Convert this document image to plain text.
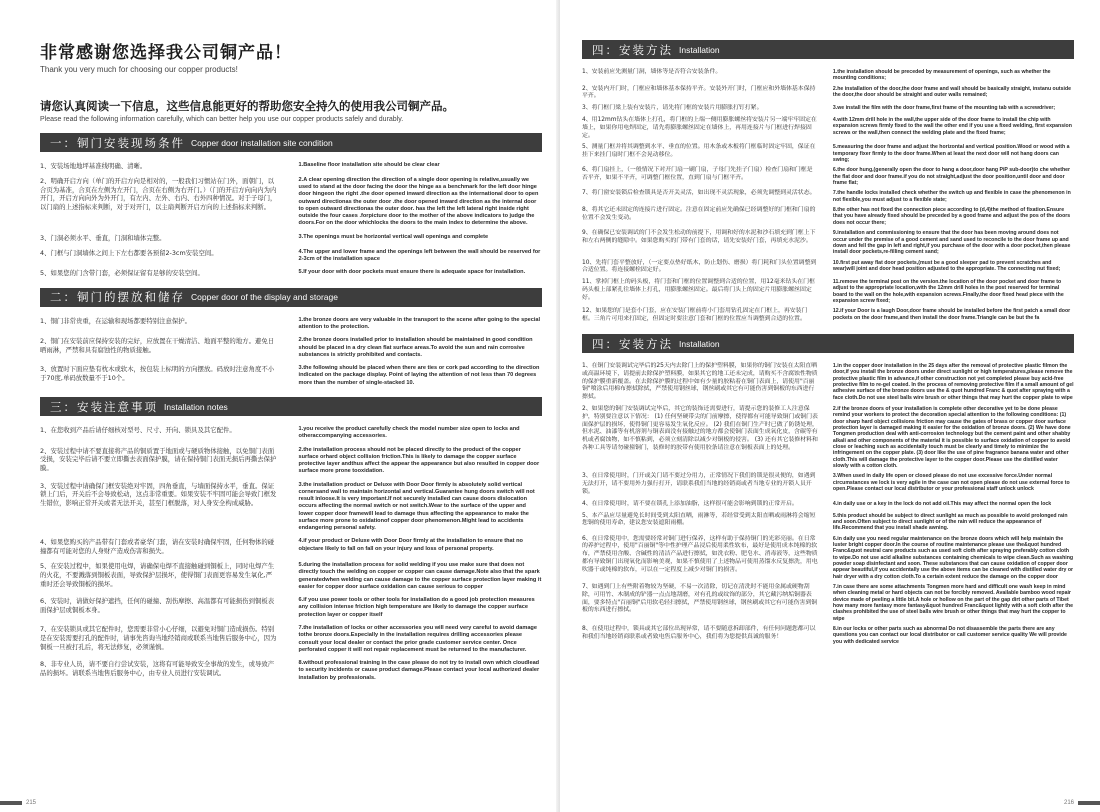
非常感谢您选择我公司铜产品！
Thank you very much for choosing our copper products!
请您认真阅读一下信息，这些信息能更好的帮助您安全持久的使用我公司铜产品。
Please read the following information carefully, which can better help you use our copper products safely and durably.
一：铜门安装现场条件 Copper door installation site condition
1、安装场地地坪基准线明确、清晰。	1.Baseline floor installation site should be clear clear
2、明确开启方向（单门的开启方向是相对的，一般我们习惯站在门外，面朝门，以合页为基准，合页在左侧为左开门，合页在右侧为右开门。）（门的开启方向向内为内开门，开启方向向外为外开门，有左内、左外、右内、右外四种情况。对于子母门，以门扇的上述指标来判断，对于对开门，以主扇判断开启方向的上述指标来判断。
2.A clear opening direction the direction of a single door opening is relative,usually we used to stand at the door facing the door the hinge as a benchmark for the left door hinge door hingeon the right .the door opened inward direction as the international door to open outward directionas the outer door .the door opened inward direction as the internal door to open outward directionas the outer door. has the left the left lateral right inside right outside the four cases .forpicture door to the mother of the above indicators to judge the doors.For on the door whichlocks the doors to the main index to determine the above.
3、门洞必须水平、垂直，门洞和墙体完整。	3.The openings must be horizontal vertical wall openings and complete
4、门框与门洞墙体之间上下左右都要各预留2-3cm安装空间。	4.The upper and lower frame and the openings left between the wall should be reserved for 2-3cm of the installation space
5、如果您的门含带门套，必须保证留有足够的安装空间。	5.If your door with door pockets must ensure there is adequate space for installation.
二：铜门的摆放和储存 Copper door of the display and storage
1、铜门非常贵重，在运输和现场都要特别注意保护。	1.the bronze doors are very valuable in the transport to the scene after going to the special attention to the protection.
2、铜门在安装前应保持安装的完好，应放置在干燥清洁、地面平整的地方。避免日晒雨淋，严禁和具有腐蚀性的物质接触。
2.the bronze doors installed prior to installation should be maintained in good condition should be placed in a dry clean flat surface areas.To avoid the sun and rain corrosive substances is strictly prohibited and contacts.
3、放置时下面应垫有枕木或软木，按包装上标明的方向摆放。码放时注意角度不小于70度,单码放数量不于10个。
3.the following should be placed when there are ties or cork pad according to the direction indicated on the package display. Point of laying the attention of not less than 70 degrees more than the number of single-stacked 10.
三：安装注意事项 Installation notes
1、在您收到产品后请仔细核对型号、尺寸、开向、锁具及其它配件。	1.you receive the product carefully check the model number size open to locks and otheraccompanying accessories.
2、安装过程中请不要直接将产品的铜质置于地面或与硬质物体接触，以免铜门表面受损，安装完毕后请不要立即撕去表面保护膜，请在保持铜门表面无损后再撕去保护膜。
2.the installation process should not be placed directly to the product of the copper surface orhard object collision friction.This is likely to damage the copper surface protective layer andthus affect the appear the appearance but also resulted in copper door surface more prone tooxidation.
3、安装过程中请确保门框安装绝对牢固，四角垂直，与墙面保持水平，垂直。保证锁上门后，开关后不会导致松动，这点非常重要。如果安装不牢固可能会导致门框发生错位，影响正常开关或者无法开关，甚至门框脱落，对人身安全构成威胁。
3.the installation product or Deluxe with Door Door firmly is absolutely solid vertical cornersand wall to maintain horizontal and vertical.Guarantee hung doors switch will not result inloose.It is very important.If not securely installed can cause doors dislocation occurs affecting the normal switch or not switch.Wear to the surface of the upper and lower copper door framewill lead to damage thus affecting the appearance to make the surface more prone to oxidationof copper door phenomenon.Might lead to accidents endangering personal safety.
4、如果您购买的产品带有门套或者豪华门套，请在安装时确保牢固，任何物体的碰撞都有可能对您的人身财产造成伤害和损失。
4.if your product or Deluxe with Door Door firmly at the installation to ensure that no objectare likely to fall on fall on your injury and loss of personal property.
5、在安装过程中，如果使用电焊，请确保电焊不直接触碰到铜板上，同时电焊产生的火花，不要溅落到铜板表面，导致保护层损坏，使得铜门表面更容易发生氧化,严重时还会导致铜板的损坏。
5.during the installation process for solid welding if you use make sure that does not directly touch the welding on copper or copper can cause damage.Note also that the spark generatedwhen welding can cause damage to the copper surface protection layer making it easier for copper door surface oxidation can cause serious to copper
6、安装时，请做好保护遮挡，任何的碰撞、刮伤摩擦、高温都有可能损伤到铜板表面保护层或铜板本身。
6.if you use power tools or other tools for installation do a good job protection measures any collision intense friction high temperature are likely to damage the copper surface protection layer or copper itself
7、在安装锁具或其它配件时，您需要非常小心仔细，以避免对铜门造成损伤。特别是在安装需要打孔的配件时，请事先咨询当地经销商或联系当地售后服务中心，因为铜板一旦被打孔后，将无法修复，必须谨慎。
7.the installation of locks or other accessories you will need very careful to avoid damage tothe bronze doors.Especially in the installation requires drilling accessories please consult your local dealer or contact the prior grade customer service center. Once perforated copper it will not repair replacement must be returned to the manufacturer.
8、非专业人员，请不要自行尝试安装，这将有可能导致安全事故的发生，或导致产品的损坏。请联系当地售后服务中心，由专业人员进行安装调试。
8.without professional training in the case please do not try to install own which cloudlead to security incidents or cause product damage.Please contact your local authorized dealer installation by professionals.
215
四：安装方法 Installation
1、安装前应先测量门洞，墙体等是否符合安装条件。	1.the installation should be preceded by measurement of openings, such as whether the mounting conditions;
2、安装内开门时，门框应和墙体基本保持平齐。安装外开门时，门框应和外墙体基本保持平齐。
2.he installation of the door,the door frame and wall should be basically straight, instanu outside the door,the door should be straight and outer walls remained;
3、将门框门梁上装有安装片，请先将门框的安装片用膨胀打钉打紧。	3.we install the film with the door frame,first frame of the mounting tab with a screwdriver;
4、用12mm钻头在墙体上打孔，将门框的上端一侧用膨胀螺丝将安装片另一端牢牢固定在墙上，如果你用电焊固定，请先将膨胀螺丝固定在墙体上，再用连接片与门框进行焊接固定。
4.with 12mm drill hole in the wall,the upper side of the door frame to install the chip with expansion screws firmly fixed to the wall the other end if you use a fixed welding, first expansion screws or the wall,then connect the welding plate and the fixed frame;
5、测量门框并将其调整到水平、垂直的位置。用木条或木板将门框临时固定牢固，保证在挂下来挂门扇时门框不会晃动移位。
5.measuring the door frame and adjust the horizontal and vertical position.Wood or wood with a temporary fixer firmly to the door frame.When at least the next door will not hang doors can swing;
6、将门扇挂上，（一般情况下对开门扇一刷门扇，子母门先挂子门扇）检查门扇和门框是否平齐，如果不平齐，可调整门框位置，直到门扇与门框平齐。
6.the door hung,(generally open the door to hang a door,door hang PiP sub-door)to che whether the flat door and door frame.if you do not straight,adjust the door position,until door and door frame flat;
7、将门窗安装锁后检查锁具是否开关灵活，如出现不灵活现象，必须先调整到灵活状态。	7.the handle locks installed check whether the switch up and flexible in case the phenomenon in not flexible,you must adjust to a flexible state;
8、将其它还未固定的连接片进行固定。注意在固定前应先确保已经调整好的门框和门扇的位置不会发生变动。
8.the other has not fixed the connection piece according to (d,4)the method of fixation.Ensure that you have already fixed should be preceded by a good frame and adjust the pos of the doors does not occur there;
9、在确保已安装调试的门不会发生松动的前提下，用调和好的水泥和沙石填充到门框上下和左右两侧的缝隙中。如果您购买的门带有门套的话，请先安装好门套，再填充水泥沙。
9.installation and commissioning to ensure that the door has been moving around does not occur under the premise of a good cement and sand used to reconcile to the door frame up and down and fell the gap in left and right,if you purchase of the door with a door pocket,then please install door pockets,re-filling cement sand;
10、先将门套平整放好，（一定要点垫好纸木，防止划伤、磨损）将门耗和门头位置调整到合适位置。将连接螺栓固定好。
10.first put away flat door pockets,(must be a good sleeper pad to prevent scratches and wear)will joint and door head position adjusted to the appropriate. The connecting nut fixed;
11、掌掉门框上的码头板，将门套和门框的位置调整到合适的位置，用12毫米钻头在门框码头板上部紧孔往墙体上打孔，用膨胀螺丝固定。最后将门头上的固定片用膨胀螺丝固定好。
11.remove the terminal post on the version.the location of the door pocket and door frame to adjust to the appropriate location,with the 12mm drill holes in the post reserved for terminal board to the wall on the hole,with expansion screws.Finally,the door fixed head piece with the expansion screw fixed;
12、如果您的门是套小门套，应在安装门框前将小门套用钻孔固定在门框上，再安装门框。三角片可用来打固定，但固定时要注意门套和门框的位置应当调整到合适的位置。
12.if your Door is a laugh Door,door frame should be installed before the first patch a small door pockets on the door frame,and then install the door frame.Triangle can be but the fa
四：安装方法 Installation
1、在铜门安装调试完毕后的25天内去除门上的保护塑料膜，如果你的铜门安装在太阳直晒或高温环境下，请提前去除保护塑料膜，如果其它的地工还未完成，请购买不含腐蚀性物质的保护膜重新覆盖。在去除保护膜的过程中如有少量的胶粘着在铜门表面上，请使用"百丽铜"喷涂后用棉布擦拭除拭，严禁使用钢丝球，钢丝刷或其它有可能伤害到铜板的东西进行擦拭。
1.in the copper door installation in the 25 days after the removal of protective plastic filmon the door,if you install the bronze doors under direct sunlight or high temperatures,please remove the protective plastic film in advance,if other construction not yet completed please buy acid-free protective film to re-gel coated. In the process of removing protective film if a small amount of gel adhesive surface of the bronze doors use the & quot hundred Franc & quot after spraying with a face cloth.Do not use steel balls wire brush or other things that may hurt the copper plate to wipe
2、如果您的铜门安装调试完毕后，其它的装饰还需要进行，请提示您的装修工人注意保护，特别要注意以下情况： (1) 任何坚硬带尖的门前摩擦，使得都有可能导致铜门或铜门表面保护层的损坏，使得铜门更容易发生氧化反应。 (2) 我们在铜门生产时已做了防锈处理，但水泥、油漆等有机溶剂与铜表面没有接触过的地方都会使铜门表面生成氧化皮，含碳等有机或者腐蚀物，如不慎粘到，必须立刻清除以减少对铜板的侵害。 (3) 还有其它装修材料和各种工具等请勿碰撞铜门，装修时的胶带有使用胶条请注意在铜板表面上的处理。
2.if the bronze doors of your installation is complete other decorative yet to be done please remind your workers to protect the decoration special attention to the following conditions: (1) door sharp hard object collisions friction may cause the gates of brass or copper door surface protection layer is damaged making it easier for the oxidation of bronze doors. (2) We have done Tongmen production deal with anti-corrosion technology but the cement paint and other shabby alkali and other components of the material it is possible to surface oxidation of copper to avoid close or leaching such as accidentally touch must be clearly and timely to minimize the infringement on the copper plate. (3) door like the use of pine fragrance banana water and other cloth.This will damage the protective layer to the copper door.Please use the distilled water slowly with a cotton cloth.
3、在日常使用时，门开或关门请不要过分用力，正常情况下我们的锁是很灵便的，如遇到无法打开，请不要用外力强行打开，请联系我们当地的经销商或者当地专业的开锁人员开锁。
3.When used in daily life open or closed please do not use excessive force.Under normal circumstances we lock is very agile in the case can not open please do not use external force to open.Please contact our local distributor or your professional staff unlock unlock
4、在日常使用时，请不要在锁孔上添加油脂，这样很可能会影响到锁的正常开启。	4.in daily use or a key in the lock do not add oil.This may affect the normal open the lock
5、本产品应尽量避免长时间受到太阳直晒，雨淋等，若经常受到太阳直晒或雨淋将会缩短您铜的使用寿命，建议您安装遮阳雨棚。
5.this product should be subject to direct sunlight as much as possible to avoid prolonged rain and soon.Often subject to direct sunlight or of the rain will reduce the appearance of life.Recommend that you install shade awning.
6、在日常使用中，您需要经常对铜门进行保养，这样有助于保持铜门的光彩亮丽。在日常的养护过程中，使用"百丽铜"等中性护理产品浸后使用柔性软布，最好是使用成本纯棉的软布，严禁使用含酸、含碱性的清洁产品进行擦拭，如洗衣粉、肥皂水、消毒液等，这些物质都有导致铜门出现氧化而影响美观，如果不慎使用了上述物品可使用蒸馏水反复擦洗，用电吹器干或纯棉的软布，可以在一定程度上减少对铜门的损害。
6.in daily use you need regular maintenance on the bronze doors which will help maintain the luster bright copper door.In the course of routine maintenance please use the&quot hundred Franc&quot neutral care products such as used soft cloth after spraying preferably cotton cloth to wipe.Do not use acid alkaline substances containing chemicals to wipe clean.Such as washing powder soap disinfectant and soon. These substances that can cause oxidation of copper door appear beautiful,if you accidentally use the above items can be cleaned with distilled water dry or hair dryer with a dry cotton cloth.To a certain extent reduce the damage on the copper door
7、如遇到门上有些附着物较为坚硬，不易一次清除，切记在清洗时不能用金属或硬物刮除，可用竹、木制成的铲器一点点地刮磨，对有孔的或纹饰的部分，其它藏污纳垢铜器表面，要多特点"百丽铜"后用软毛轻扫擦拭，严禁使用钢丝球，钢丝刷或其它有可能伤害到铜板的东西进行擦拭。
7.in case there are some attachments Tongmen more hard and difficult one wash keep in mind when cleaning metal or hard objects can not be forcibly removed. Available bamboo wood repair device made of peeling a little bit.A hole or hollow on the part of the gap dirt other parts of Tibet how many more fantasy more fantasy&quot hundred Franc&quot lightly with a soft cloth after the clashes prohibited the use of steel balls wire brush or other things that may hurt the copper to wipe
8、在使用过程中，锁具或其它部位出现异常，请不要随意拆卸部件，有任何问题您都可以和我们当地经销商联系或者致电售后服务中心，我们将为您提供真诚的服务！
8.in our locks or other parts such as abnormal Do not disassemble the parts there are any questions you can contact our local distributor or call customer service quality We will provide you with dedicated service
216
